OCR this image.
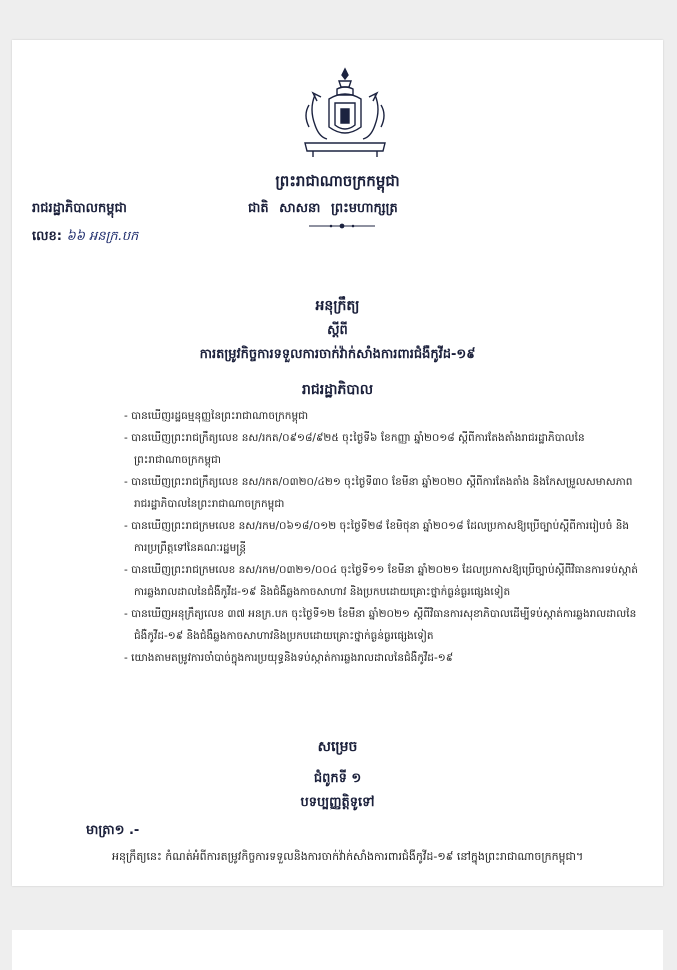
ព្រះរាជាណាចក្រកម្ពុជា
រាជរដ្ឋាភិបាលកម្ពុជា	ជាតិ សាសនា ព្រះមហាក្សត្រ
លេខ: ៦៦ អនក្រ.បក
អនុក្រឹត្យ
ស្តីពី
ការតម្រូវកិច្ចការទទួលការចាក់វ៉ាក់សាំងការពារជំងឺកូវីដ-១៩
រាជរដ្ឋាភិបាល
- បានឃើញរដ្ឋធម្មនុញ្ញនៃព្រះរាជាណាចក្រកម្ពុជា
- បានឃើញព្រះរាជក្រឹត្យលេខ នស/រកត/០៩១៨/៩២៥ ចុះថ្ងៃទី៦ ខែកញ្ញា ឆ្នាំ២០១៨ ស្តីពីការតែងតាំងរាជរដ្ឋាភិបាលនៃព្រះរាជាណាចក្រកម្ពុជា
- បានឃើញព្រះរាជក្រឹត្យលេខ នស/រកត/០៣២០/៤២១ ចុះថ្ងៃទី៣០ ខែមីនា ឆ្នាំ២០២០ ស្តីពីការតែងតាំង និងកែសម្រួលសមាសភាពរាជរដ្ឋាភិបាលនៃព្រះរាជាណាចក្រកម្ពុជា
- បានឃើញព្រះរាជក្រមលេខ នស/រកម/០៦១៨/០១២ ចុះថ្ងៃទី២៨ ខែមិថុនា ឆ្នាំ២០១៨ ដែលប្រកាសឱ្យប្រើច្បាប់ស្តីពីការរៀបចំ និងការប្រព្រឹត្តទៅនៃគណៈរដ្ឋមន្ត្រី
- បានឃើញព្រះរាជក្រមលេខ នស/រកម/០៣២១/០០៤ ចុះថ្ងៃទី១១ ខែមីនា ឆ្នាំ២០២១ ដែលប្រកាសឱ្យប្រើច្បាប់ស្តីពីវិធានការទប់ស្កាត់ការឆ្លងរាលដាលនៃជំងឺកូវីដ-១៩ និងជំងឺឆ្លងកាចសាហាវ និងប្រកបដោយគ្រោះថ្នាក់ធ្ងន់ធ្ងរផ្សេងទៀត
- បានឃើញអនុក្រឹត្យលេខ ៣៧ អនក្រ.បក ចុះថ្ងៃទី១២ ខែមីនា ឆ្នាំ២០២១ ស្តីពីវិធានការសុខាភិបាលដើម្បីទប់ស្កាត់ការឆ្លងរាលដាលនៃជំងឺកូវីដ-១៩ និងជំងឺឆ្លងកាចសាហាវនិងប្រកបដោយគ្រោះថ្នាក់ធ្ងន់ធ្ងរផ្សេងទៀត
- យោងតាមតម្រូវការចាំបាច់ក្នុងការប្រយុទ្ធនិងទប់ស្កាត់ការឆ្លងរាលដាលនៃជំងឺកូវីដ-១៩
សម្រេច
ជំពូកទី ១
បទប្បញ្ញត្តិទូទៅ
មាត្រា១ .-
អនុក្រឹត្យនេះ កំណត់អំពីការតម្រូវកិច្ចការទទួលនិងការចាក់វ៉ាក់សាំងការពារជំងឺកូវីដ-១៩ នៅក្នុងព្រះរាជាណាចក្រកម្ពុជា។
